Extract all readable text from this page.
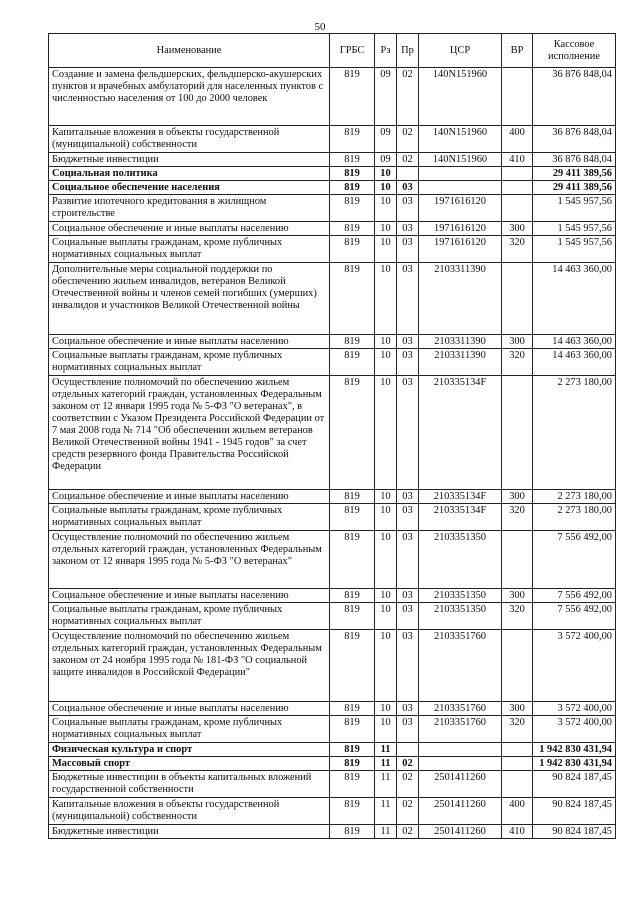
50
Наименование	ГРБС	Рз	Пр	ЦСР	ВР	Кассовое исполнение
Создание и замена фельдшерских, фельдшерско-акушерских пунктов и врачебных амбулаторий для населенных пунктов с численностью населения от 100 до 2000 человек	819	09	02	140N151960		36 876 848,04
Капитальные вложения в объекты государственной (муниципальной) собственности	819	09	02	140N151960	400	36 876 848,04
Бюджетные инвестиции	819	09	02	140N151960	410	36 876 848,04
Социальная политика	819	10				29 411 389,56
Социальное обеспечение населения	819	10	03			29 411 389,56
Развитие ипотечного кредитования в жилищном строительстве	819	10	03	1971616120		1 545 957,56
Социальное обеспечение и иные выплаты населению	819	10	03	1971616120	300	1 545 957,56
Социальные выплаты гражданам, кроме публичных нормативных социальных выплат	819	10	03	1971616120	320	1 545 957,56
Дополнительные меры социальной поддержки по обеспечению жильем инвалидов, ветеранов Великой Отечественной войны и членов семей погибших (умерших) инвалидов и участников Великой Отечественной войны	819	10	03	2103311390		14 463 360,00
Социальное обеспечение и иные выплаты населению	819	10	03	2103311390	300	14 463 360,00
Социальные выплаты гражданам, кроме публичных нормативных социальных выплат	819	10	03	2103311390	320	14 463 360,00
Осуществление полномочий по обеспечению жильем отдельных категорий граждан, установленных Федеральным законом от 12 января 1995 года № 5-ФЗ "О ветеранах", в соответствии с Указом Президента Российской Федерации от 7 мая 2008 года № 714 "Об обеспечении жильем ветеранов Великой Отечественной войны 1941 - 1945 годов" за счет средств резервного фонда Правительства Российской Федерации	819	10	03	210335134F		2 273 180,00
Социальное обеспечение и иные выплаты населению	819	10	03	210335134F	300	2 273 180,00
Социальные выплаты гражданам, кроме публичных нормативных социальных выплат	819	10	03	210335134F	320	2 273 180,00
Осуществление полномочий по обеспечению жильем отдельных категорий граждан, установленных Федеральным законом от 12 января 1995 года № 5-ФЗ "О ветеранах"	819	10	03	2103351350		7 556 492,00
Социальное обеспечение и иные выплаты населению	819	10	03	2103351350	300	7 556 492,00
Социальные выплаты гражданам, кроме публичных нормативных социальных выплат	819	10	03	2103351350	320	7 556 492,00
Осуществление полномочий по обеспечению жильем отдельных категорий граждан, установленных Федеральным законом от 24 ноября 1995 года № 181-ФЗ "О социальной защите инвалидов в Российской Федерации"	819	10	03	2103351760		3 572 400,00
Социальное обеспечение и иные выплаты населению	819	10	03	2103351760	300	3 572 400,00
Социальные выплаты гражданам, кроме публичных нормативных социальных выплат	819	10	03	2103351760	320	3 572 400,00
Физическая культура и спорт	819	11				1 942 830 431,94
Массовый спорт	819	11	02			1 942 830 431,94
Бюджетные инвестиции в объекты капитальных вложений государственной собственности	819	11	02	2501411260		90 824 187,45
Капитальные вложения в объекты государственной (муниципальной) собственности	819	11	02	2501411260	400	90 824 187,45
Бюджетные инвестиции	819	11	02	2501411260	410	90 824 187,45
